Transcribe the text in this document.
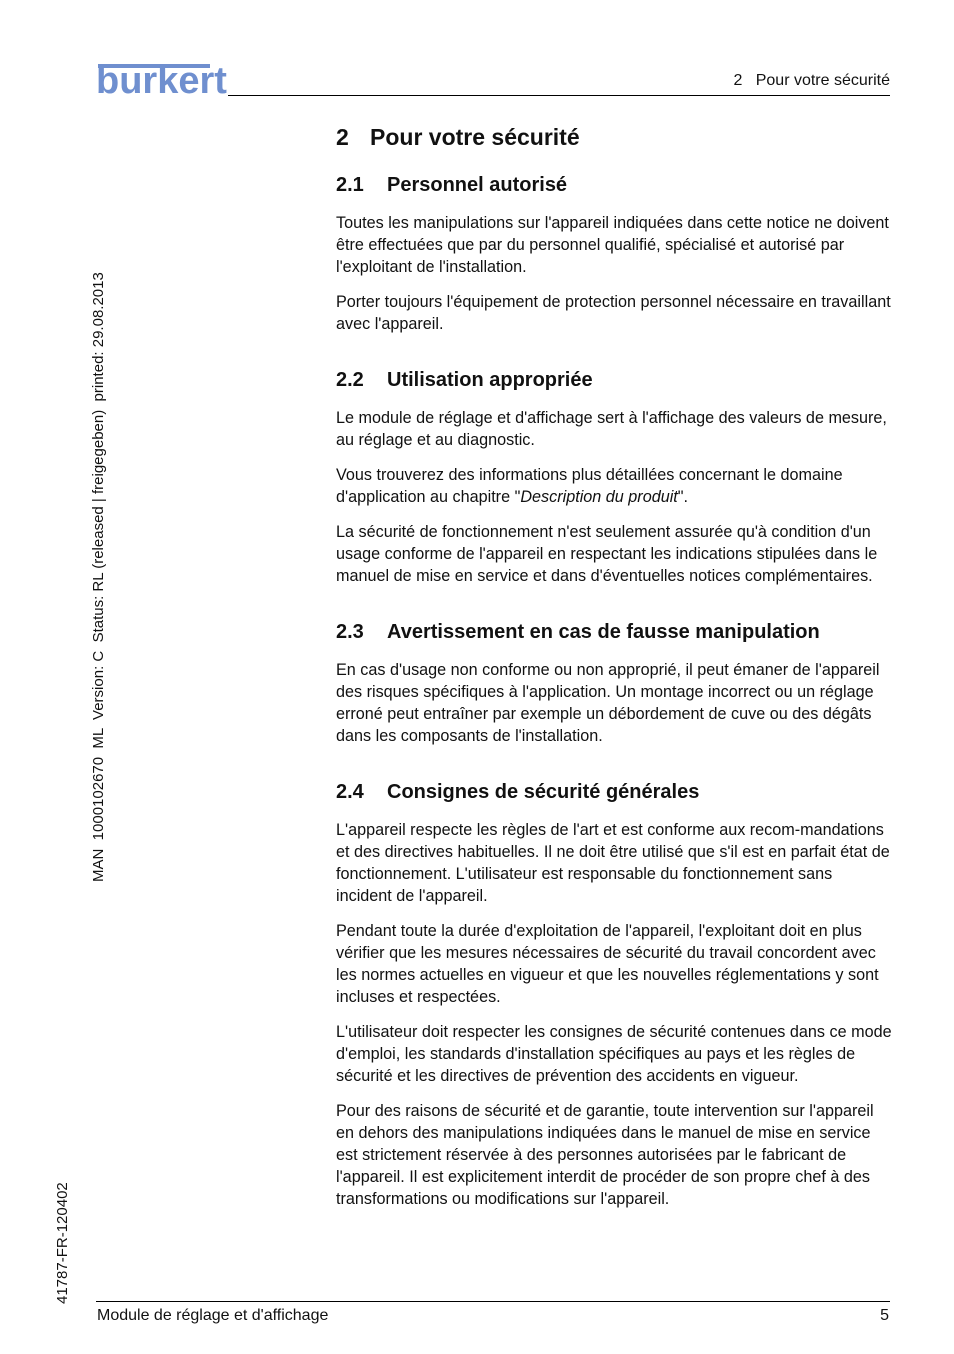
burkert	2   Pour votre sécurité
MAN  1000102670  ML  Version: C  Status: RL (released | freigegeben)  printed: 29.08.2013
41787-FR-120402
2 Pour votre sécurité
2.1 Personnel autorisé

Toutes les manipulations sur l'appareil indiquées dans cette notice ne doivent être effectuées que par du personnel qualifié, spécialisé et autorisé par l'exploitant de l'installation.

Porter toujours l'équipement de protection personnel nécessaire en travaillant avec l'appareil.

2.2 Utilisation appropriée

Le module de réglage et d'affichage sert à l'affichage des valeurs de mesure, au réglage et au diagnostic.

Vous trouverez des informations plus détaillées concernant le domaine d'application au chapitre "Description du produit".

La sécurité de fonctionnement n'est seulement assurée qu'à condition d'un usage conforme de l'appareil en respectant les indications stipulées dans le manuel de mise en service et dans d'éventuelles notices complémentaires.

2.3 Avertissement en cas de fausse manipulation

En cas d'usage non conforme ou non approprié, il peut émaner de l'appareil des risques spécifiques à l'application. Un montage incorrect ou un réglage erroné peut entraîner par exemple un débordement de cuve ou des dégâts dans les composants de l'installation.

2.4 Consignes de sécurité générales

L'appareil respecte les règles de l'art et est conforme aux recom-mandations et des directives habituelles. Il ne doit être utilisé que s'il est en parfait état de fonctionnement. L'utilisateur est responsable du fonctionnement sans incident de l'appareil.

Pendant toute la durée d'exploitation de l'appareil, l'exploitant doit en plus vérifier que les mesures nécessaires de sécurité du travail concordent avec les normes actuelles en vigueur et que les nouvelles réglementations y sont incluses et respectées.

L'utilisateur doit respecter les consignes de sécurité contenues dans ce mode d'emploi, les standards d'installation spécifiques au pays et les règles de sécurité et les directives de prévention des accidents en vigueur.

Pour des raisons de sécurité et de garantie, toute intervention sur l'appareil en dehors des manipulations indiquées dans le manuel de mise en service est strictement réservée à des personnes autorisées par le fabricant de l'appareil. Il est explicitement interdit de procéder de son propre chef à des transformations ou modifications sur l'appareil.

Module de réglage et d'affichage	5
